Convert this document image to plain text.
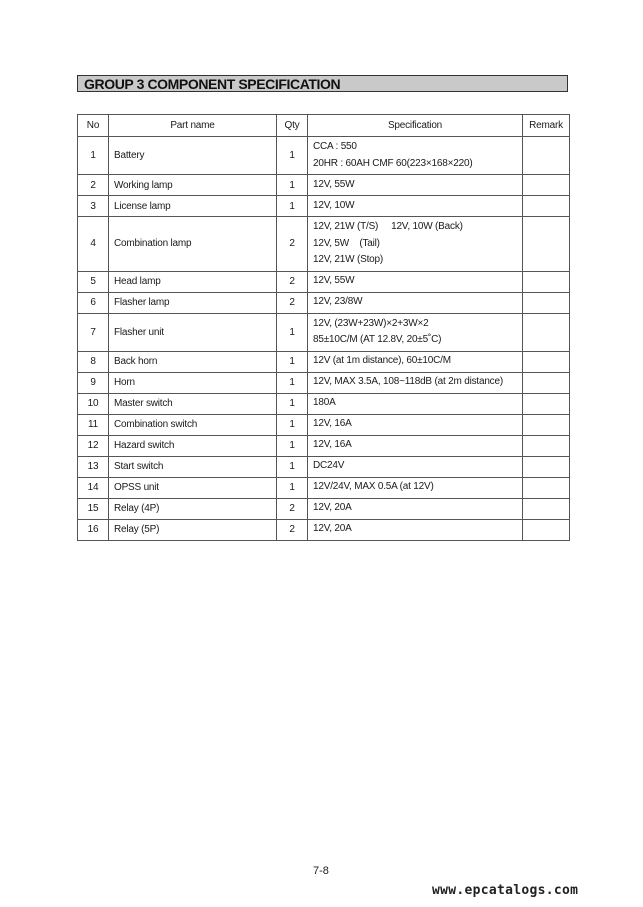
GROUP 3 COMPONENT SPECIFICATION
No	Part name	Qty	Specification	Remark
1	Battery	1	CCA : 550
20HR : 60AH CMF 60(223×168×220)	

2	Working lamp	1	12V, 55W	

3	License lamp	1	12V, 10W	

4	Combination lamp	2	12V, 21W (T/S)     12V, 10W (Back)
12V, 5W    (Tail)
12V, 21W (Stop)	

5	Head lamp	2	12V, 55W	

6	Flasher lamp	2	12V, 23/8W	

7	Flasher unit	1	12V, (23W+23W)×2+3W×2
85±10C/M (AT 12.8V, 20±5˚C)	

8	Back horn	1	12V (at 1m distance), 60±10C/M	

9	Horn	1	12V, MAX 3.5A, 108~118dB (at 2m distance)	

10	Master switch	1	180A	

11	Combination switch	1	12V, 16A	

12	Hazard switch	1	12V, 16A	

13	Start switch	1	DC24V	

14	OPSS unit	1	12V/24V, MAX 0.5A (at 12V)	

15	Relay (4P)	2	12V, 20A	

16	Relay (5P)	2	12V, 20A	

7-8
www.epcatalogs.com
